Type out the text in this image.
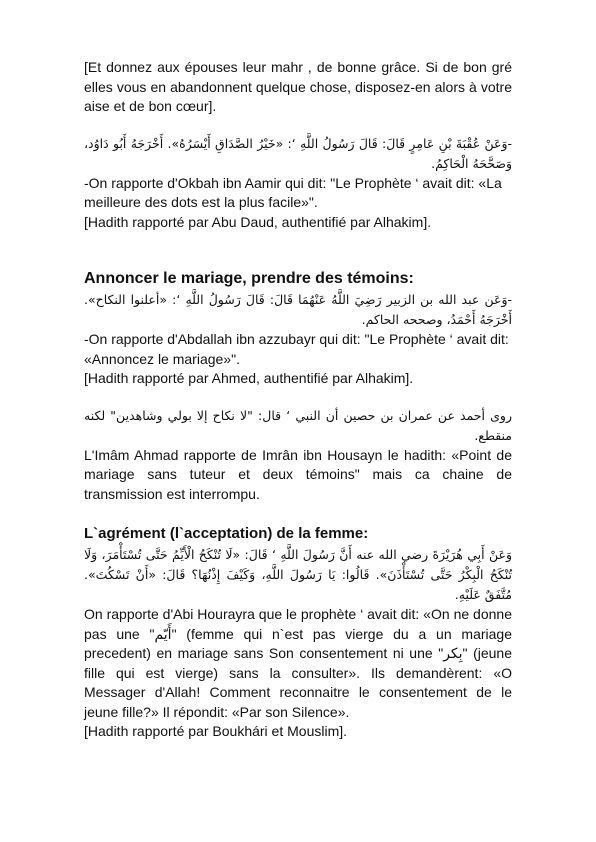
[Et donnez aux épouses leur mahr , de bonne grâce. Si de bon gré elles vous en abandonnent quelque chose, disposez-en alors à votre aise et de bon cœur].

-وَعَنْ عُقْبَةَ بْنِ عَامِرٍ قَالَ: قَالَ رَسُولُ اللَّهِ ‘: «خَيْرُ الصَّدَاقِ أَيْسَرُهُ». أَخْرَجَهُ أَبُو دَاوُد، وَصَحَّحَهُ الْحَاكِمُ.

-On rapporte d'Okbah ibn Aamir qui dit: "Le Prophète ‘ avait dit: «La meilleure des dots est la plus facile»".

[Hadith rapporté par Abu Daud, authentifié par Alhakim].

Annoncer le mariage, prendre des témoins:

-وَعَن عبد الله بن الزبير رَضِيَ اللَّهُ عَنْهُمَا قَالَ: قَالَ رَسُولُ اللَّهِ ‘: «أعلنوا النكاح». أَخْرَجَهُ أَحْمَدُ، وصححه الحاكم.

-On rapporte d'Abdallah ibn azzubayr qui dit: "Le Prophète ‘ avait dit: «Annoncez le mariage»".

[Hadith rapporté par Ahmed, authentifié par Alhakim].

روى أحمد عن عمران بن حصين أن النبي ‘ قال: "لا نكاح إلا بولي وشاهدين" لكنه منقطع.

L'Imâm Ahmad rapporte de Imrân ibn Housayn le hadith: «Point de mariage sans tuteur et deux témoins" mais ca chaine de transmission est interrompu.

L`agrément (l`acceptation) de la femme:

وَعَنْ أَبِي هُرَيْرَةَ رضي الله عنه أَنَّ رَسُولَ اللَّهِ ‘ قَالَ: «لَا تُنْكَحُ الْأَيِّمُ حَتَّى تُسْتَأْمَرَ، وَلَا تُنْكَحُ الْبِكْرُ حَتَّى تُسْتَأْذَنَ». قَالُوا: يَا رَسُولَ اللَّهِ، وَكَيْفَ إِذْنُهَا؟ قَالَ: «أَنْ تَسْكُتَ». مُتَّفَقٌ عَلَيْهِ.

On rapporte d'Abi Hourayra que le prophète ‘ avait dit: «On ne donne pas une "أَيّم" (femme qui n`est pas vierge du a un mariage precedent) en mariage sans Son consentement ni une "بِكر" (jeune fille qui est vierge) sans la consulter». Ils demandèrent: «O Messager d'Allah! Comment reconnaitre le consentement de le jeune fille?» Il répondit: «Par son Silence».

[Hadith rapporté par Boukhári et Mouslim].
